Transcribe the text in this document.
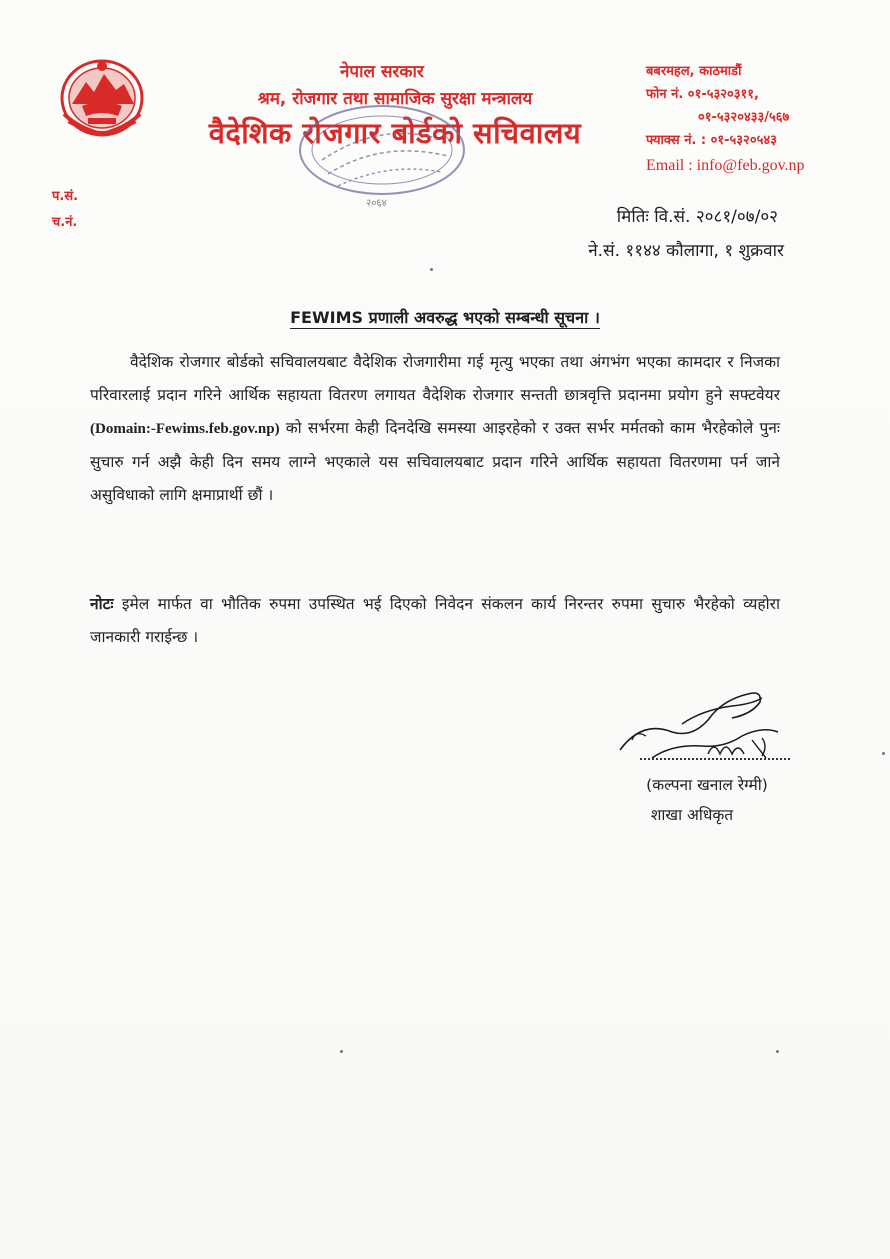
नेपाल सरकार
श्रम, रोजगार तथा सामाजिक सुरक्षा मन्त्रालय
वैदेशिक रोजगार बोर्डको सचिवालय
बबरमहल, काठमाडौं
फोन नं. ०१-५३२०३११,
०१-५३२०४३३/५६७
फ्याक्स नं. : ०१-५३२०५४३
Email : info@feb.gov.np
२०६४
प.सं.
च.नं.	मितिः वि.सं. २०८१/०७/०२
ने.सं. ११४४ कौलागा, १ शुक्रवार
FEWIMS प्रणाली अवरुद्ध भएको सम्बन्धी सूचना ।
वैदेशिक रोजगार बोर्डको सचिवालयबाट वैदेशिक रोजगारीमा गई मृत्यु भएका तथा अंगभंग भएका कामदार र निजका परिवारलाई प्रदान गरिने आर्थिक सहायता वितरण लगायत वैदेशिक रोजगार सन्तती छात्रवृत्ति प्रदानमा प्रयोग हुने सफ्टवेयर (Domain:-Fewims.feb.gov.np) को सर्भरमा केही दिनदेखि समस्या आइरहेको र उक्त सर्भर मर्मतको काम भैरहेकोले पुनः सुचारु गर्न अझै केही दिन समय लाग्ने भएकाले यस सचिवालयबाट प्रदान गरिने आर्थिक सहायता वितरणमा पर्न जाने असुविधाको लागि क्षमाप्रार्थी छौं ।
नोटः इमेल मार्फत वा भौतिक रुपमा उपस्थित भई दिएको निवेदन संकलन कार्य निरन्तर रुपमा सुचारु भैरहेको व्यहोरा जानकारी गराईन्छ ।
(कल्पना खनाल रेग्मी)
शाखा अधिकृत
